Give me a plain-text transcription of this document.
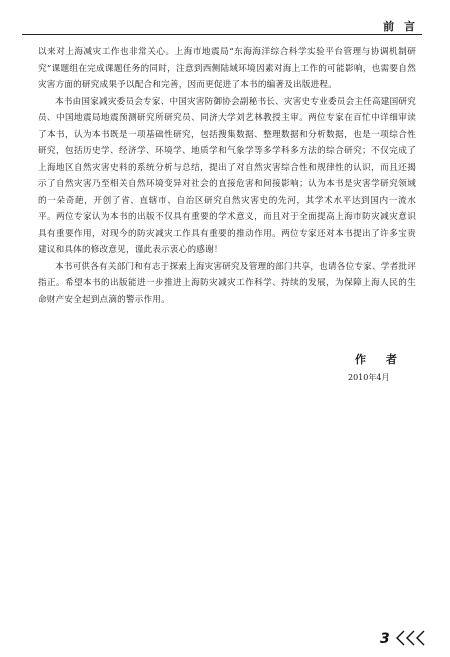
前 言

以来对上海减灾工作也非常关心。上海市地震局“东海海洋综合科学实验平台管理与协调机制研究”课题组在完成课题任务的同时，注意到西侧陆域环境因素对海上工作的可能影响，也需要自然灾害方面的研究成果予以配合和完善，因而更促进了本书的编著及出版进程。

本书由国家减灾委员会专家、中国灾害防御协会副秘书长、灾害史专业委员会主任高建国研究员、中国地震局地震预测研究所研究员、同济大学刘艺林教授主审。两位专家在百忙中详细审读了本书，认为本书既是一项基础性研究，包括搜集数据、整理数据和分析数据，也是一项综合性研究，包括历史学、经济学、环境学、地质学和气象学等多学科多方法的综合研究；不仅完成了上海地区自然灾害史料的系统分析与总结，提出了对自然灾害综合性和规律性的认识，而且还揭示了自然灾害乃至相关自然环境变异对社会的直接危害和间接影响；认为本书是灾害学研究领域的一朵奇葩，开创了省、直辖市、自治区研究自然灾害史的先河，其学术水平达到国内一流水平。两位专家认为本书的出版不仅具有重要的学术意义，而且对于全面提高上海市防灾减灾意识具有重要作用，对现今的防灾减灾工作具有重要的推动作用。两位专家还对本书提出了许多宝贵建议和具体的修改意见，谨此表示衷心的感谢！

本书可供各有关部门和有志于探索上海灾害研究及管理的部门共享，也请各位专家、学者批评指正。希望本书的出版能进一步推进上海防灾减灾工作科学、持续的发展，为保障上海人民的生命财产安全起到点滴的警示作用。

作 者
2010年4月
3
